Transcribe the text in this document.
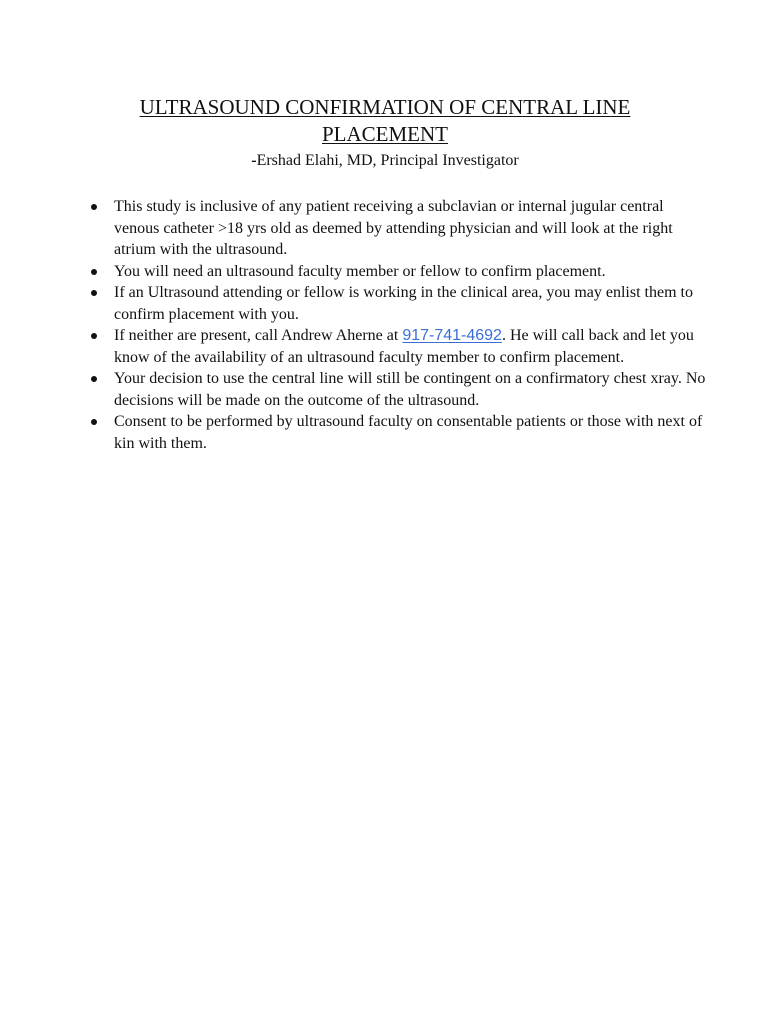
ULTRASOUND CONFIRMATION OF CENTRAL LINE PLACEMENT
-Ershad Elahi, MD, Principal Investigator
This study is inclusive of any patient receiving a subclavian or internal jugular central venous catheter >18 yrs old as deemed by attending physician and will look at the right atrium with the ultrasound.
You will need an ultrasound faculty member or fellow to confirm placement.
If an Ultrasound attending or fellow is working in the clinical area, you may enlist them to confirm placement with you.
If neither are present, call Andrew Aherne at 917-741-4692. He will call back and let you know of the availability of an ultrasound faculty member to confirm placement.
Your decision to use the central line will still be contingent on a confirmatory chest xray. No decisions will be made on the outcome of the ultrasound.
Consent to be performed by ultrasound faculty on consentable patients or those with next of kin with them.
